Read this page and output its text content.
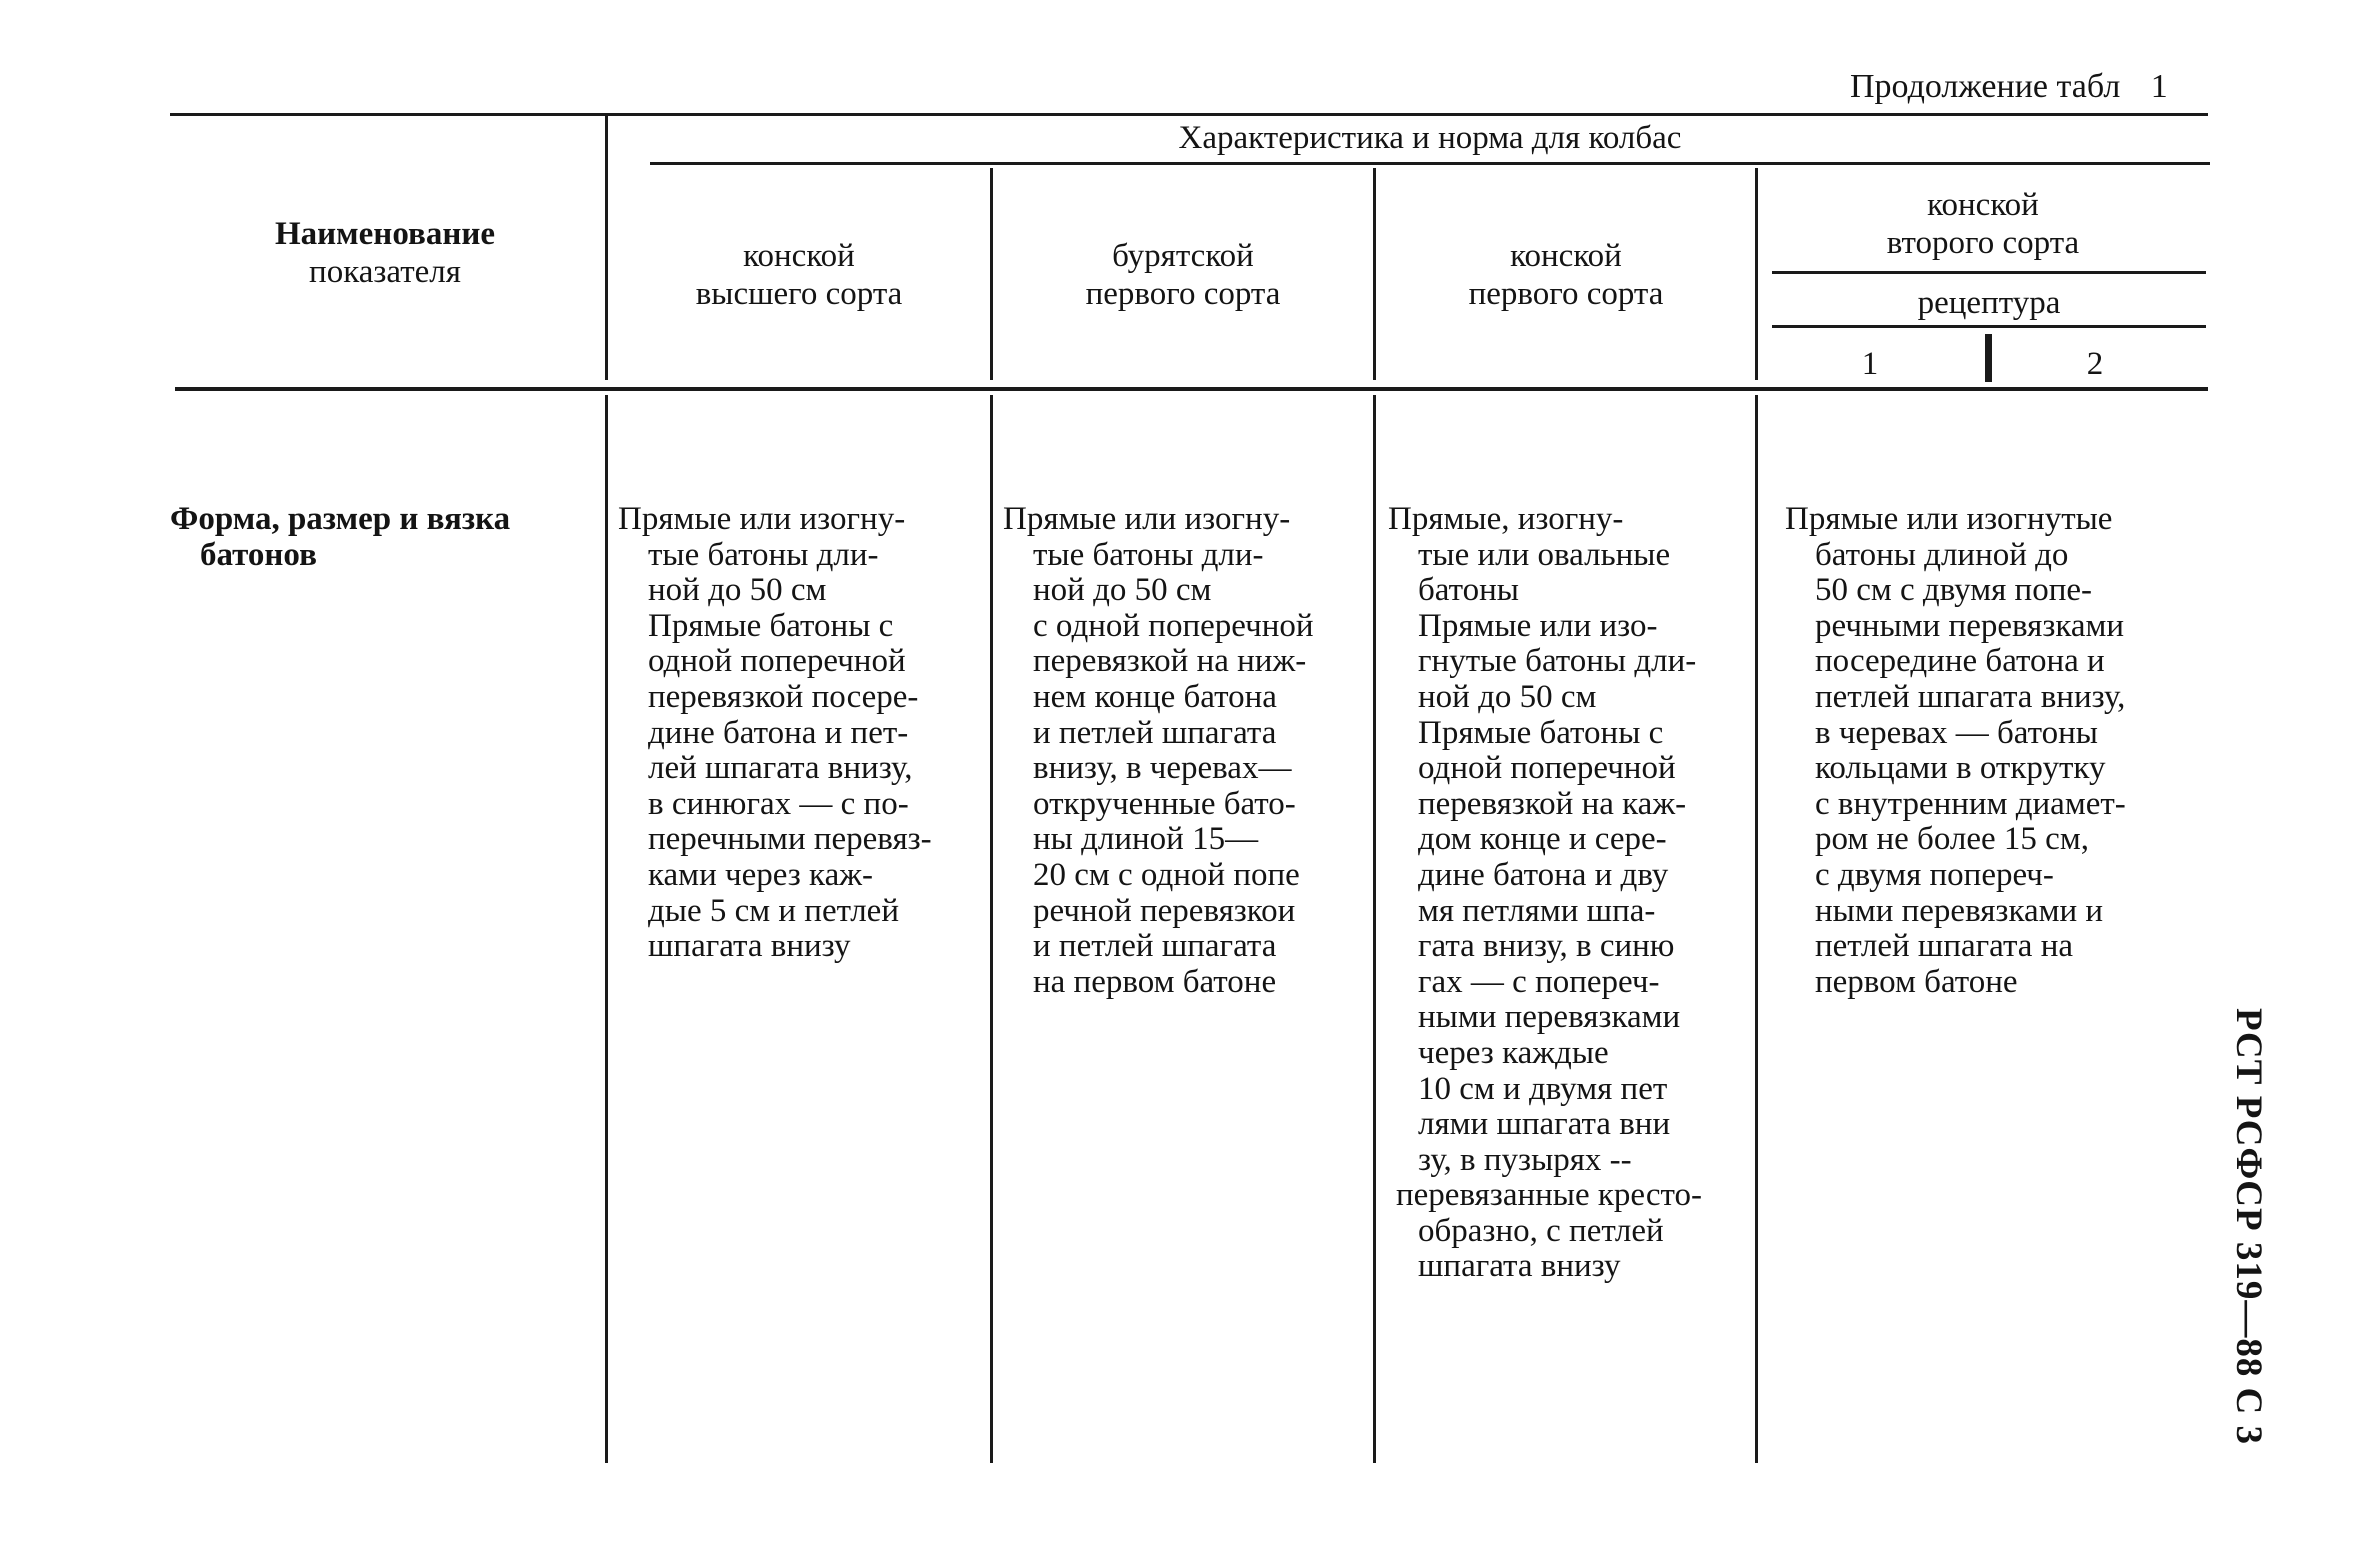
Продолжение табл 1
Наименование
показателя
Характеристика и норма для колбас
конской
высшего сорта
бурятской
первого сорта
конской
первого сорта
конской
второго сорта
рецептура
1	2
Форма, размер и вязка
батонов
Прямые или изогну-
тые батоны дли-
ной до 50 см
Прямые батоны с
одной поперечной
перевязкой посере-
дине батона и пет-
лей шпагата внизу,
в синюгах — с по-
перечными перевяз-
ками через каж-
дые 5 см и петлей
шпагата внизу
Прямые или изогну-
тые батоны дли-
ной до 50 см
с одной поперечной
перевязкой на ниж-
нем конце батона
и петлей шпагата
внизу, в черевах—
открученные бато-
ны длиной 15—
20 см с одной попе
речной перевязкои
и петлей шпагата
на первом батоне
Прямые, изогну-
тые или овальные
батоны
Прямые или изо-
гнутые батоны дли-
ной до 50 см
Прямые батоны с
одной поперечной
перевязкой на каж-
дом конце и сере-
дине батона и дву
мя петлями шпа-
гата внизу, в синю
гах — с попереч-
ными перевязками
через каждые
10 см и двумя пет
лями шпагата вни
зу, в пузырях --
перевязанные кресто-
образно, с петлей
шпагата внизу
Прямые или изогнутые
батоны длиной до
50 см с двумя попе-
речными перевязками
посередине батона и
петлей шпагата внизу,
в черевах — батоны
кольцами в открутку
с внутренним диамет-
ром не более 15 см,
с двумя попереч-
ными перевязками и
петлей шпагата на
первом батоне
РСТ РСФСР 319—88 С 3
